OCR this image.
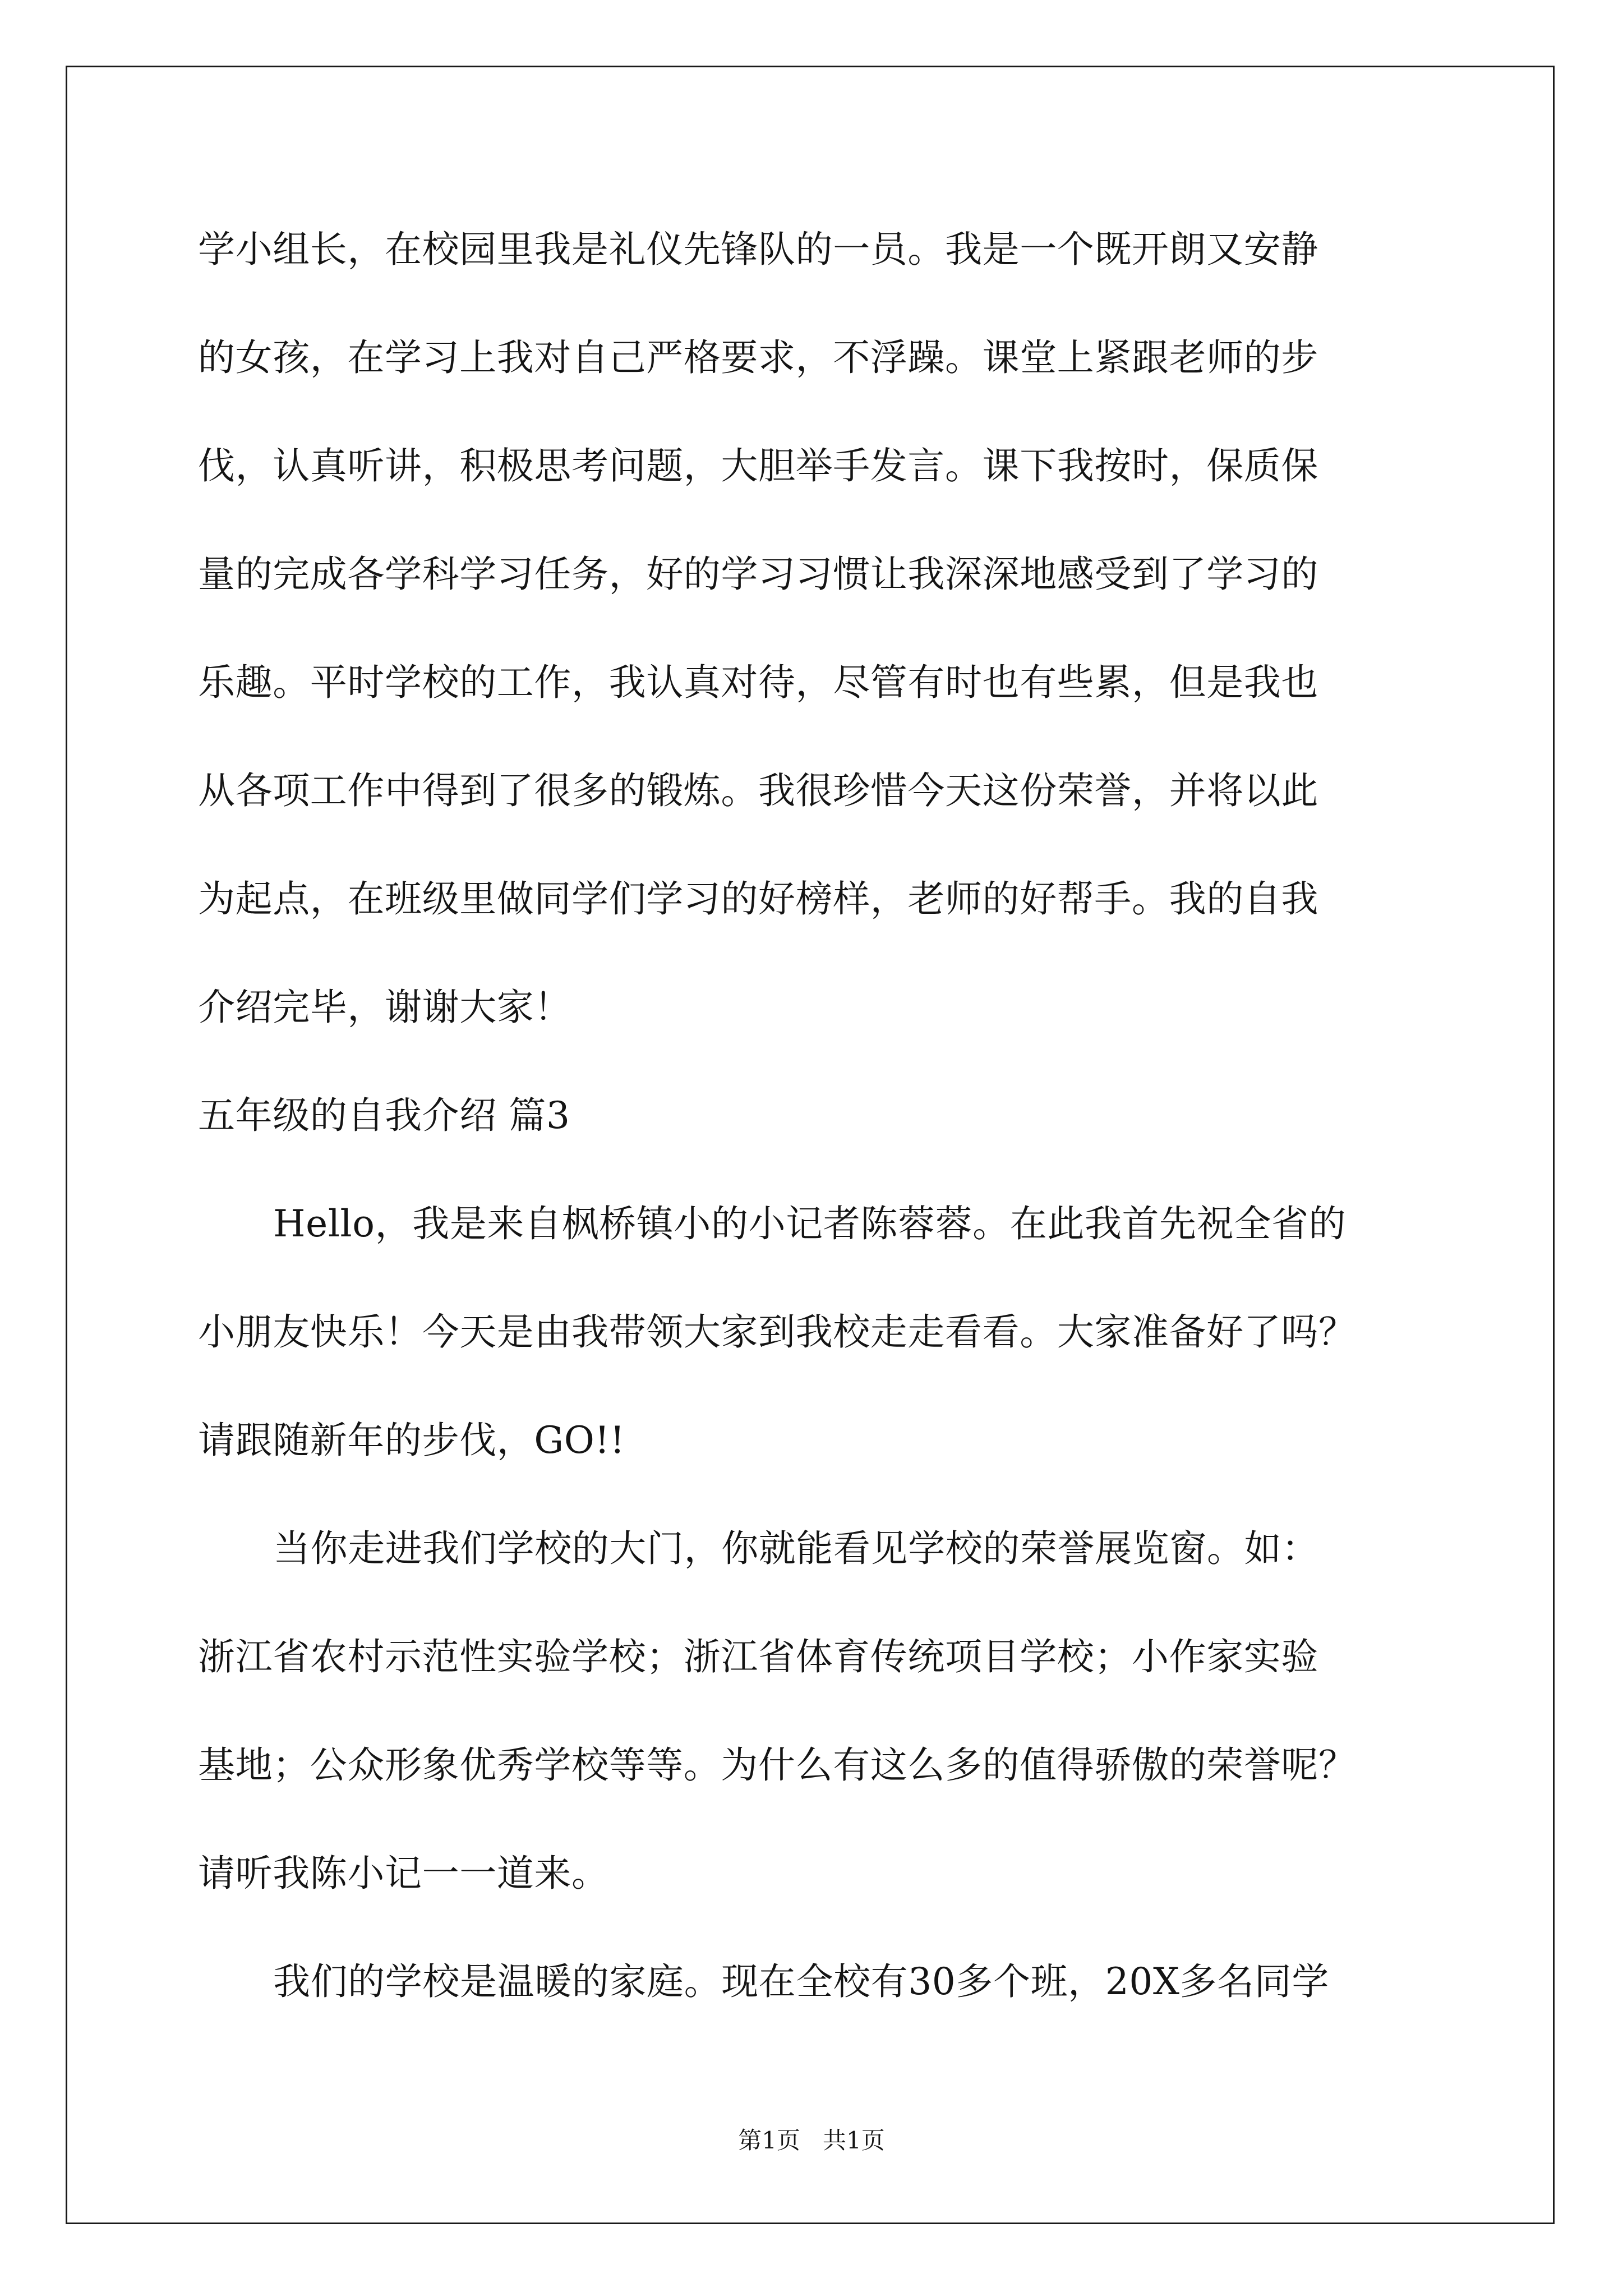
学小组长，在校园里我是礼仪先锋队的一员。我是一个既开朗又安静
的女孩，在学习上我对自己严格要求，不浮躁。课堂上紧跟老师的步
伐，认真听讲，积极思考问题，大胆举手发言。课下我按时，保质保
量的完成各学科学习任务，好的学习习惯让我深深地感受到了学习的
乐趣。平时学校的工作，我认真对待，尽管有时也有些累，但是我也
从各项工作中得到了很多的锻炼。我很珍惜今天这份荣誉，并将以此
为起点，在班级里做同学们学习的好榜样，老师的好帮手。我的自我
介绍完毕，谢谢大家！
五年级的自我介绍 篇3
Hello，我是来自枫桥镇小的小记者陈蓉蓉。在此我首先祝全省的
小朋友快乐！今天是由我带领大家到我校走走看看。大家准备好了吗？
请跟随新年的步伐，GO!!
当你走进我们学校的大门，你就能看见学校的荣誉展览窗。如：
浙江省农村示范性实验学校；浙江省体育传统项目学校；小作家实验
基地；公众形象优秀学校等等。为什么有这么多的值得骄傲的荣誉呢？
请听我陈小记一一道来。
我们的学校是温暖的家庭。现在全校有30多个班，20X多名同学
第1页 共1页
